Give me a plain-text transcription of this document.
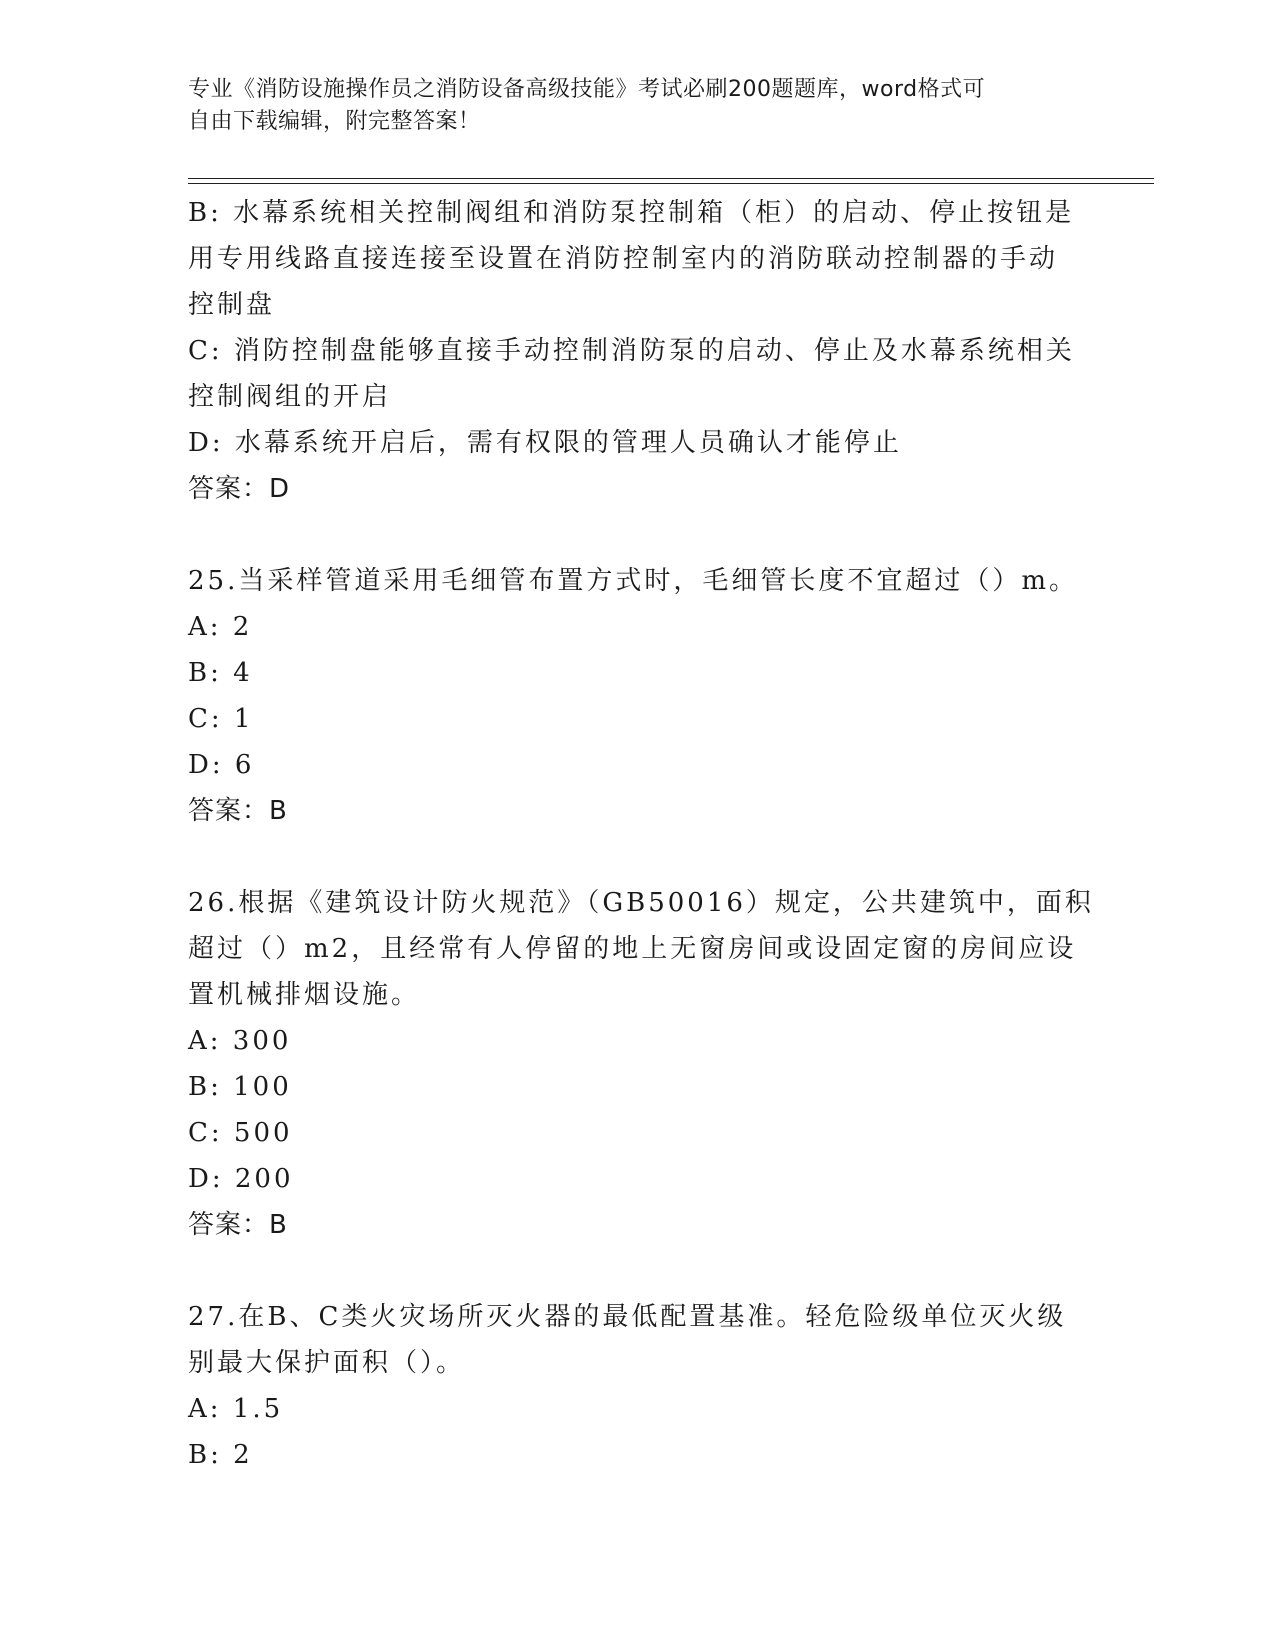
专业《消防设施操作员之消防设备高级技能》考试必刷200题题库，word格式可
自由下载编辑，附完整答案！
B: 水幕系统相关控制阀组和消防泵控制箱（柜）的启动、停止按钮是
用专用线路直接连接至设置在消防控制室内的消防联动控制器的手动
控制盘
C: 消防控制盘能够直接手动控制消防泵的启动、停止及水幕系统相关
控制阀组的开启
D: 水幕系统开启后，需有权限的管理人员确认才能停止
答案：D
25.当采样管道采用毛细管布置方式时，毛细管长度不宜超过（）m。
A: 2
B: 4
C: 1
D: 6
答案：B
26.根据《建筑设计防火规范》（GB50016）规定，公共建筑中，面积
超过（）m2，且经常有人停留的地上无窗房间或设固定窗的房间应设
置机械排烟设施。
A: 300
B: 100
C: 500
D: 200
答案：B
27.在B、C类火灾场所灭火器的最低配置基准。轻危险级单位灭火级
别最大保护面积（）。
A: 1.5
B: 2
